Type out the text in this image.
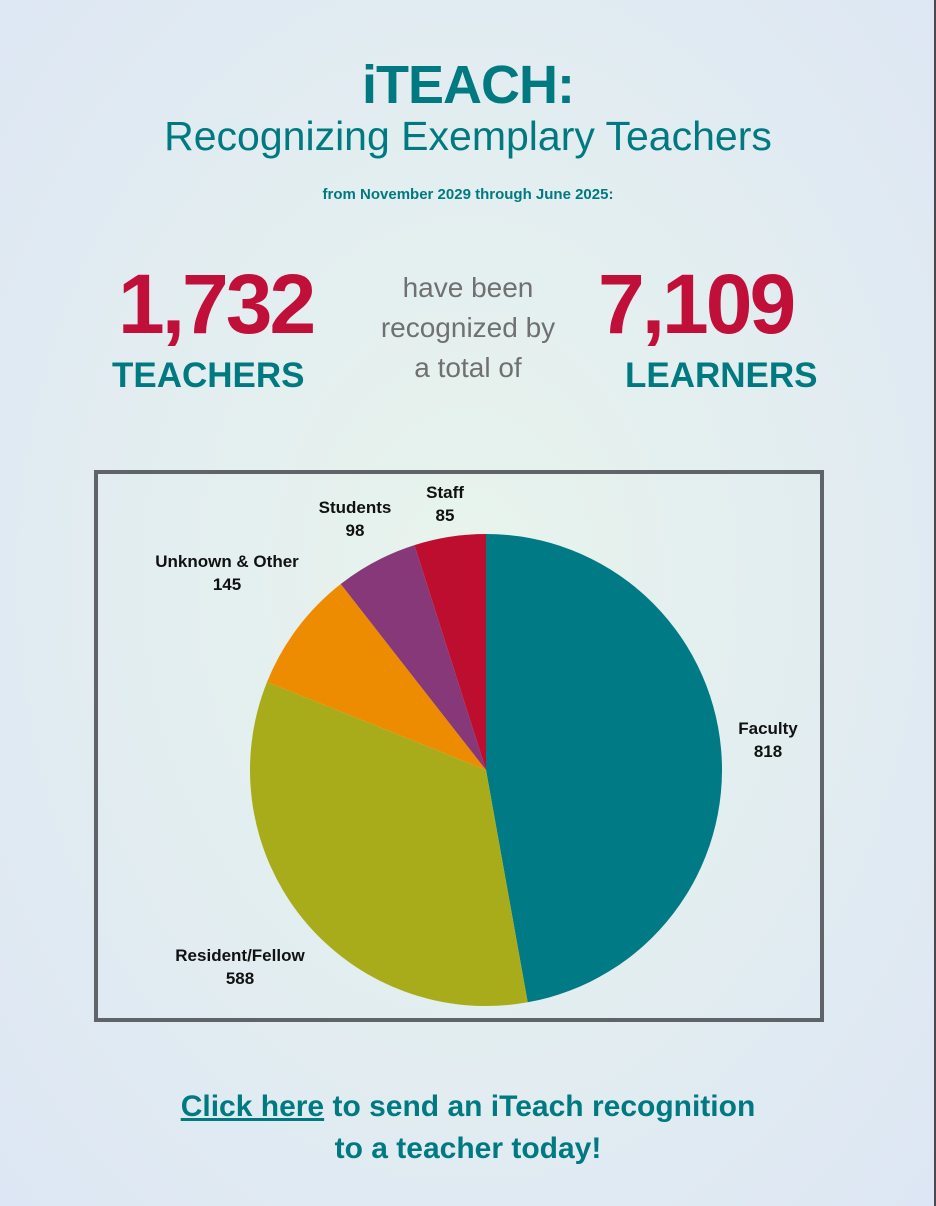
iTEACH:
Recognizing Exemplary Teachers
from November 2029 through June 2025:
1,732
TEACHERS
have been
recognized by
a total of
7,109
LEARNERS
Faculty 818
Resident/Fellow 588
Unknown & Other 145
Students 98
Staff 85
Click here to send an iTeach recognition
to a teacher today!
